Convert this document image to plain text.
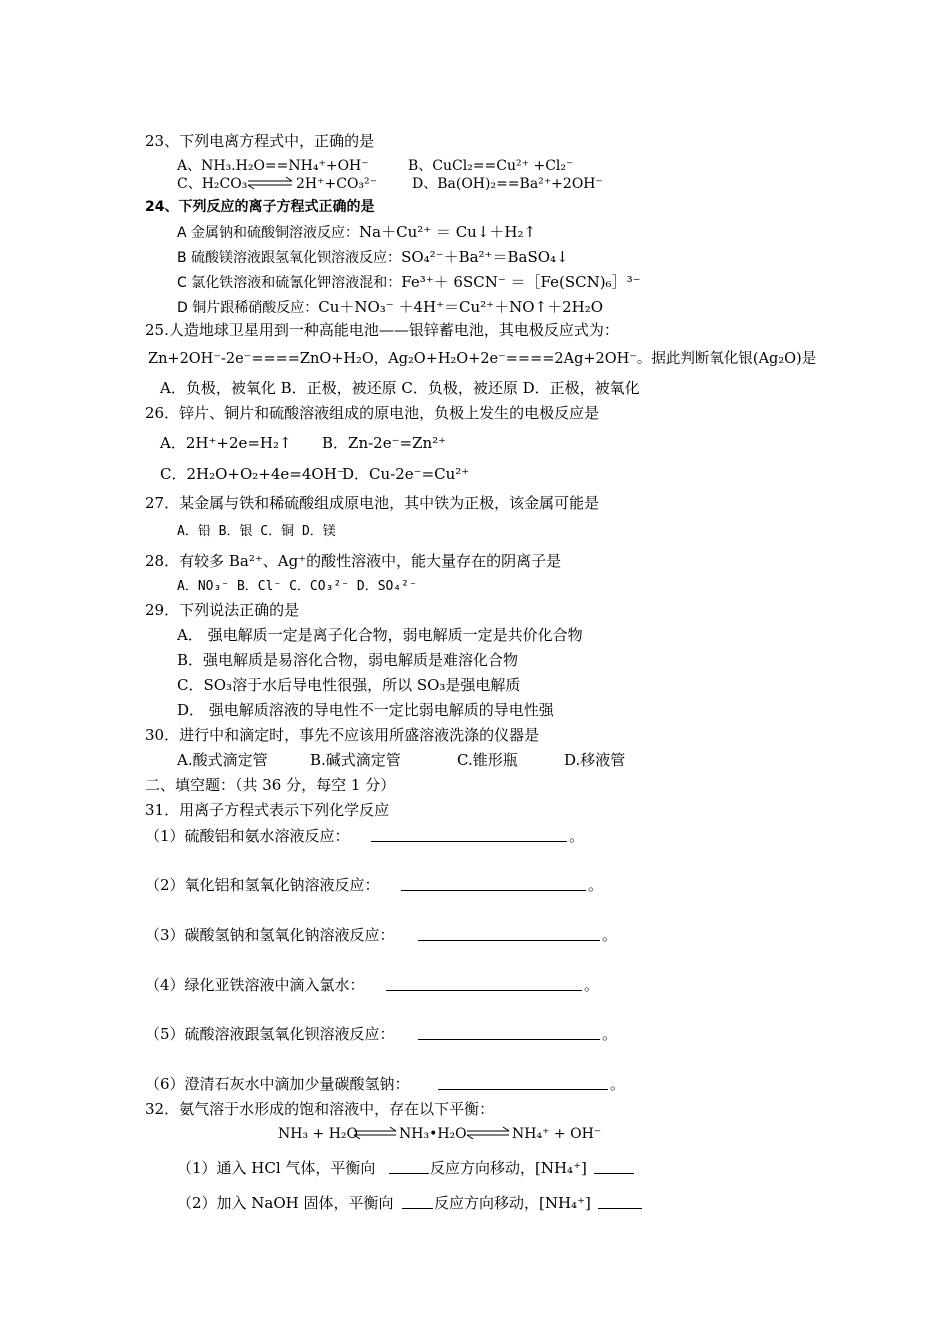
23、下列电离方程式中，正确的是
A、NH₃.H₂O==NH₄⁺+OH⁻	B、CuCl₂==Cu²⁺ +Cl₂⁻
C、H₂CO₃ ⇌ 2H⁺+CO₃²⁻ D、Ba(OH)₂==Ba²⁺+2OH⁻
24、下列反应的离子方程式正确的是
A 金属钠和硫酸铜溶液反应：Na＋Cu²⁺ ＝ Cu↓＋H₂↑
B 硫酸镁溶液跟氢氧化钡溶液反应：SO₄²⁻＋Ba²⁺＝BaSO₄↓
C 氯化铁溶液和硫氰化钾溶液混和：Fe³⁺＋ 6SCN⁻ ＝［Fe(SCN)₆］³⁻
D 铜片跟稀硝酸反应：Cu＋NO₃⁻ ＋4H⁺＝Cu²⁺＋NO↑＋2H₂O
25.人造地球卫星用到一种高能电池——银锌蓄电池，其电极反应式为：
Zn+2OH⁻-2e⁻====ZnO+H₂O，Ag₂O+H₂O+2e⁻====2Ag+2OH⁻。据此判断氧化银(Ag₂O)是
A．负极，被氧化 B．正极，被还原 C．负极，被还原 D．正极，被氧化
26．锌片、铜片和硫酸溶液组成的原电池，负极上发生的电极反应是
A．2H⁺+2e=H₂↑ B．Zn-2e⁻=Zn²⁺
C．2H₂O+O₂+4e=4OH⁻
D．Cu-2e⁻=Cu²⁺
27．某金属与铁和稀硫酸组成原电池，其中铁为正极，该金属可能是
A．铅 B．银 C．铜 D．镁
28．有较多 Ba²⁺、Ag⁺的酸性溶液中，能大量存在的阴离子是
A．NO₃⁻ B．Cl⁻ C．CO₃²⁻ D．SO₄²⁻
29．下列说法正确的是
A． 强电解质一定是离子化合物，弱电解质一定是共价化合物
B．强电解质是易溶化合物，弱电解质是难溶化合物
C．SO₃溶于水后导电性很强，所以 SO₃是强电解质
D． 强电解质溶液的导电性不一定比弱电解质的导电性强
30．进行中和滴定时，事先不应该用所盛溶液洗涤的仪器是
A.酸式滴定管	B.碱式滴定管	C.锥形瓶	D.移液管
二、填空题：（共 36 分，每空 1 分）
31．用离子方程式表示下列化学反应
（1）硫酸铝和氨水溶液反应：	。
（2）氧化铝和氢氧化钠溶液反应：	。
（3）碳酸氢钠和氢氧化钠溶液反应：	。
（4）绿化亚铁溶液中滴入氯水：	。
（5）硫酸溶液跟氢氧化钡溶液反应：	。
（6）澄清石灰水中滴加少量碳酸氢钠：	。
32．氨气溶于水形成的饱和溶液中，存在以下平衡：
NH₃ + H₂O ⇌ NH₃•H₂O ⇌ NH₄⁺ + OH⁻
（1）通入 HCl 气体，平衡向	反应方向移动，[NH₄⁺]
（2）加入 NaOH 固体，平衡向	反应方向移动，[NH₄⁺]
